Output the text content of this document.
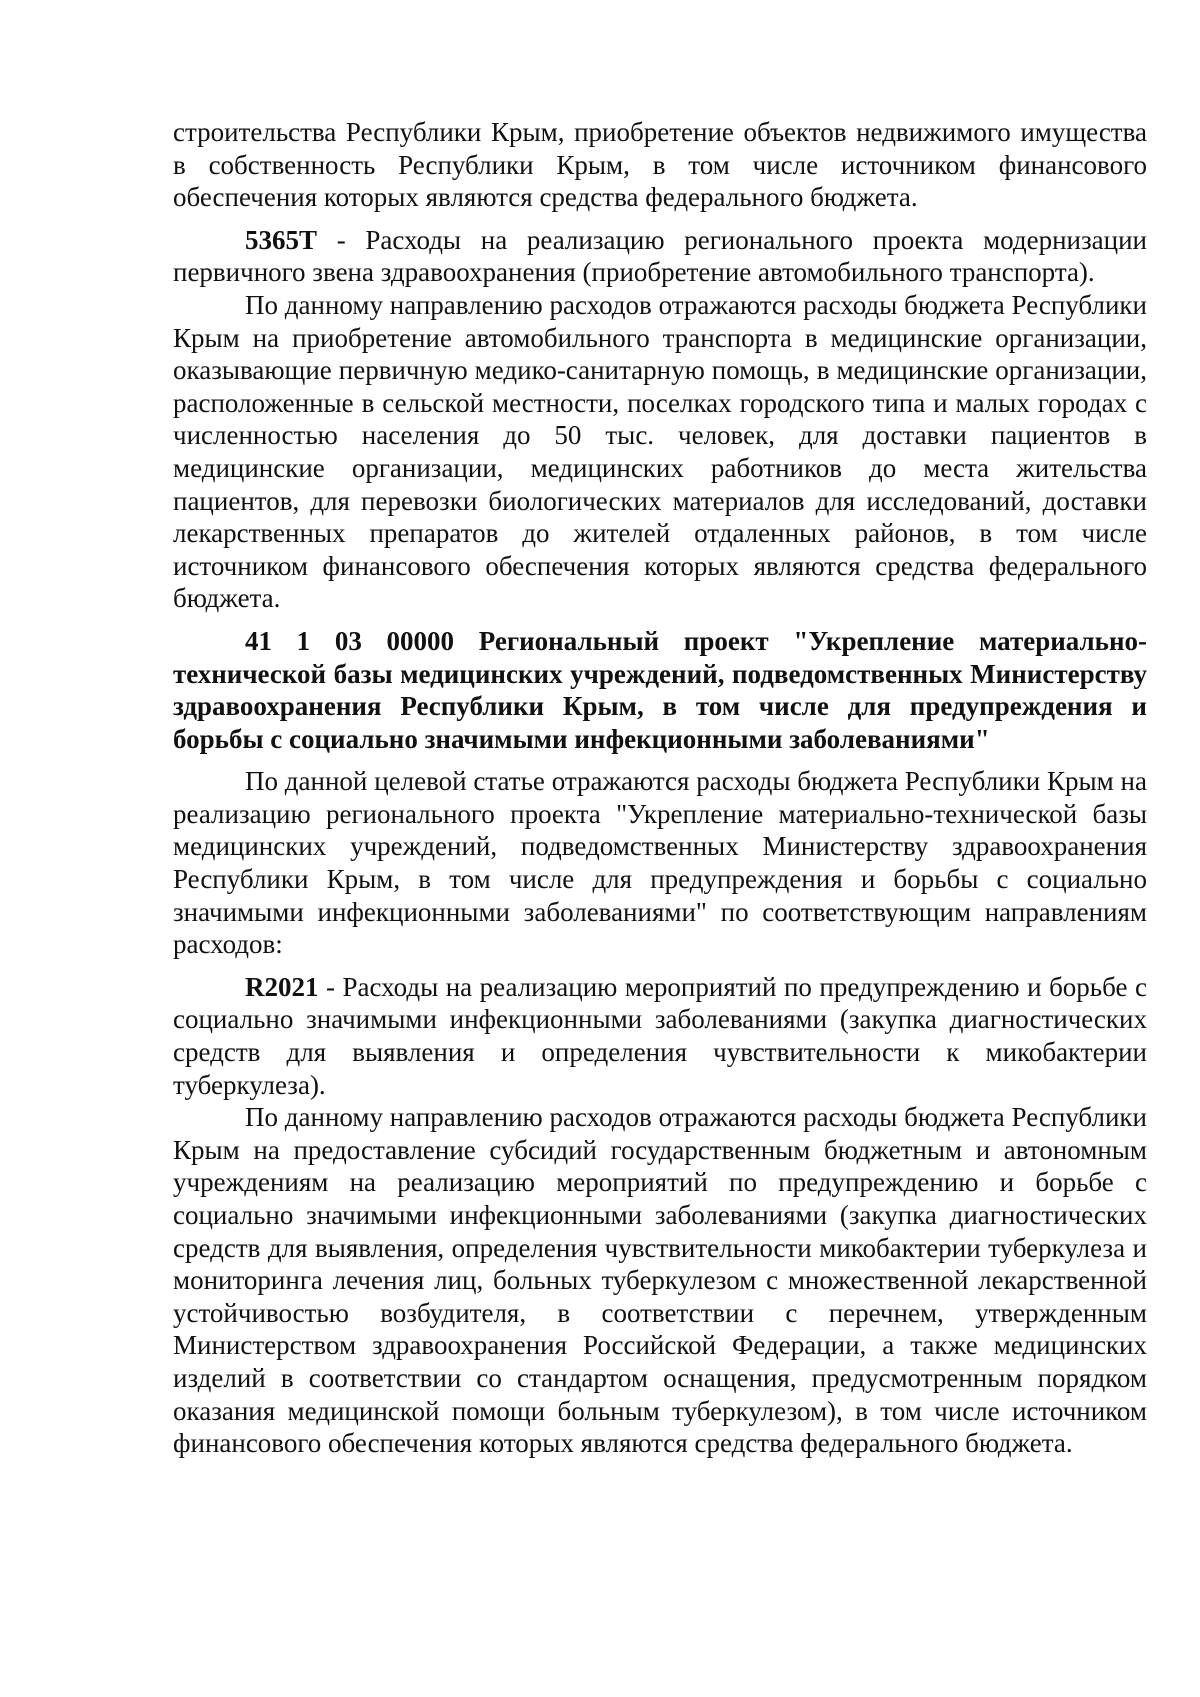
строительства Республики Крым, приобретение объектов недвижимого имущества в собственность Республики Крым, в том числе источником финансового обеспечения которых являются средства федерального бюджета.

5365Т - Расходы на реализацию регионального проекта модернизации первичного звена здравоохранения (приобретение автомобильного транспорта).

По данному направлению расходов отражаются расходы бюджета Республики Крым на приобретение автомобильного транспорта в медицинские организации, оказывающие первичную медико-санитарную помощь, в медицинские организации, расположенные в сельской местности, поселках городского типа и малых городах с численностью населения до 50 тыс. человек, для доставки пациентов в медицинские организации, медицинских работников до места жительства пациентов, для перевозки биологических материалов для исследований, доставки лекарственных препаратов до жителей отдаленных районов, в том числе источником финансового обеспечения которых являются средства федерального бюджета.

41 1 03 00000 Региональный проект "Укрепление материально-технической базы медицинских учреждений, подведомственных Министерству здравоохранения Республики Крым, в том числе для предупреждения и борьбы с социально значимыми инфекционными заболеваниями"

По данной целевой статье отражаются расходы бюджета Республики Крым на реализацию регионального проекта "Укрепление материально-технической базы медицинских учреждений, подведомственных Министерству здравоохранения Республики Крым, в том числе для предупреждения и борьбы с социально значимыми инфекционными заболеваниями" по соответствующим направлениям расходов:

R2021 - Расходы на реализацию мероприятий по предупреждению и борьбе с социально значимыми инфекционными заболеваниями (закупка диагностических средств для выявления и определения чувствительности к микобактерии туберкулеза).

По данному направлению расходов отражаются расходы бюджета Республики Крым на предоставление субсидий государственным бюджетным и автономным учреждениям на реализацию мероприятий по предупреждению и борьбе с социально значимыми инфекционными заболеваниями (закупка диагностических средств для выявления, определения чувствительности микобактерии туберкулеза и мониторинга лечения лиц, больных туберкулезом с множественной лекарственной устойчивостью возбудителя, в соответствии с перечнем, утвержденным Министерством здравоохранения Российской Федерации, а также медицинских изделий в соответствии со стандартом оснащения, предусмотренным порядком оказания медицинской помощи больным туберкулезом), в том числе источником финансового обеспечения которых являются средства федерального бюджета.
